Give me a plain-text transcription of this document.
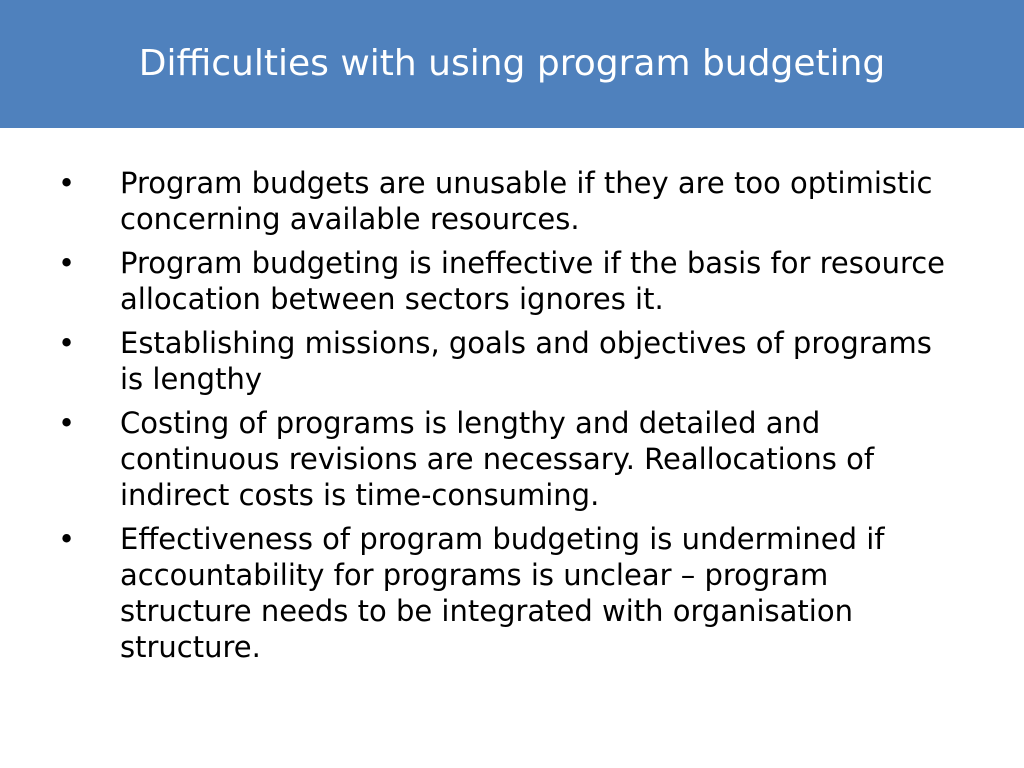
Difficulties with using program budgeting
•	Program budgets are unusable if they are too optimistic concerning available resources.
•	Program budgeting is ineffective if the basis for resource allocation between sectors ignores it.
•	Establishing missions, goals and objectives of programs is lengthy
•	Costing of programs is lengthy and detailed and continuous revisions are necessary. Reallocations of indirect costs is time-consuming.
•	Effectiveness of program budgeting is undermined if accountability for programs is unclear – program structure needs to be integrated with organisation structure.
